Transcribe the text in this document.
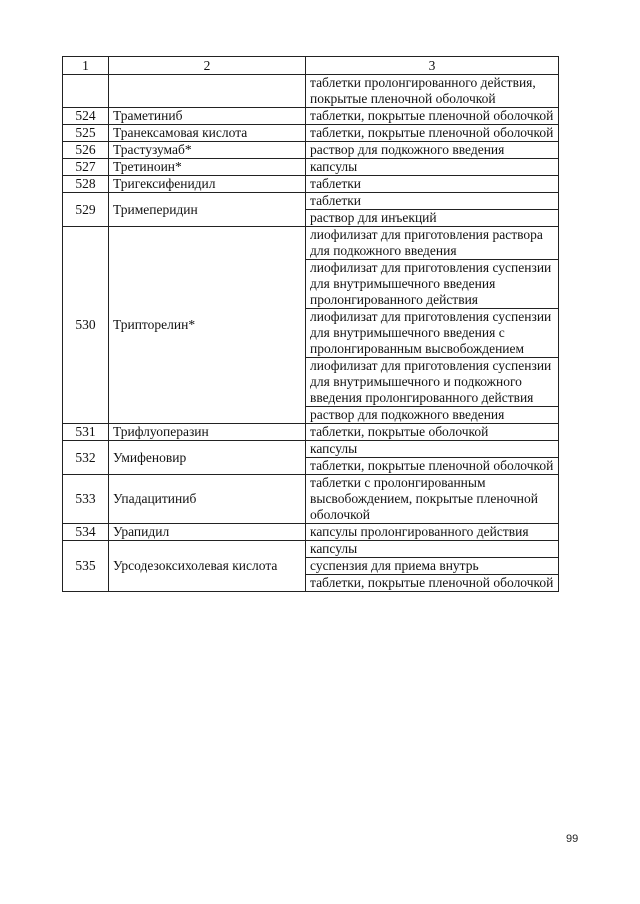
1	2	3
		таблетки пролонгированного действия, покрытые пленочной оболочкой
524	Траметиниб	таблетки, покрытые пленочной оболочкой
525	Транексамовая кислота	таблетки, покрытые пленочной оболочкой
526	Трастузумаб*	раствор для подкожного введения
527	Третиноин*	капсулы
528	Тригексифенидил	таблетки
529	Тримеперидин	таблетки
		раствор для инъекций
530	Трипторелин*	лиофилизат для приготовления раствора для подкожного введения
		лиофилизат для приготовления суспензии для внутримышечного введения пролонгированного действия
		лиофилизат для приготовления суспензии для внутримышечного введения с пролонгированным высвобождением
		лиофилизат для приготовления суспензии для внутримышечного и подкожного введения пролонгированного действия
		раствор для подкожного введения
531	Трифлуоперазин	таблетки, покрытые оболочкой
532	Умифеновир	капсулы
		таблетки, покрытые пленочной оболочкой
533	Упадацитиниб	таблетки с пролонгированным высвобождением, покрытые пленочной оболочкой
534	Урапидил	капсулы пролонгированного действия
535	Урсодезоксихолевая кислота	капсулы
		суспензия для приема внутрь
		таблетки, покрытые пленочной оболочкой
99
